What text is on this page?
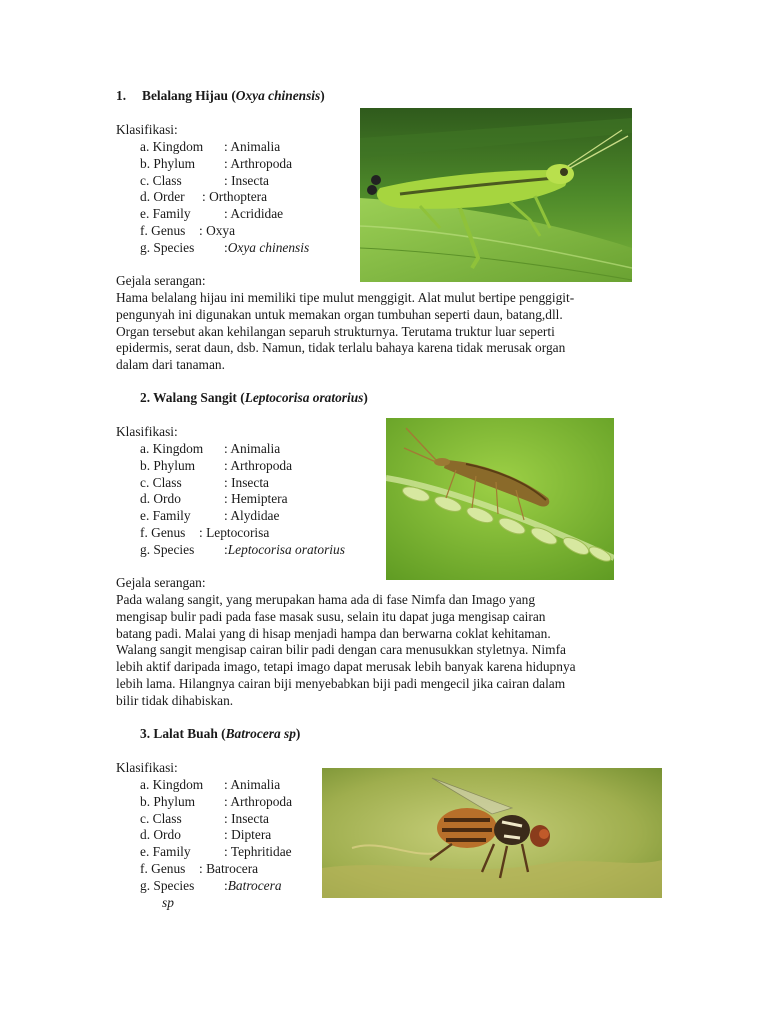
1. Belalang Hijau (Oxya chinensis)
Klasifikasi:
a. Kingdom	: Animalia
b. Phylum	: Arthropoda
c. Class	: Insecta
d. Order	: Orthoptera
e. Family	: Acrididae
f. Genus	: Oxya
g. Species	: Oxya chinensis
Gejala serangan:
Hama belalang hijau ini memiliki tipe mulut menggigit. Alat mulut bertipe penggigit-
pengunyah ini digunakan untuk memakan organ tumbuhan seperti daun, batang,dll.
Organ tersebut akan kehilangan separuh strukturnya. Terutama truktur luar seperti
epidermis, serat daun, dsb. Namun, tidak terlalu bahaya karena tidak merusak organ
dalam dari tanaman.
2. Walang Sangit (Leptocorisa oratorius)
Klasifikasi:
a. Kingdom	: Animalia
b. Phylum	: Arthropoda
c. Class	: Insecta
d. Ordo	: Hemiptera
e. Family	: Alydidae
f. Genus	: Leptocorisa
g. Species	: Leptocorisa oratorius
Gejala serangan:
Pada walang sangit, yang merupakan hama ada di fase Nimfa dan Imago yang
mengisap bulir padi pada fase masak susu, selain itu dapat juga mengisap cairan
batang padi. Malai yang di hisap menjadi hampa dan berwarna coklat kehitaman.
Walang sangit mengisap cairan bilir padi dengan cara menusukkan styletnya. Nimfa
lebih aktif daripada imago, tetapi imago dapat merusak lebih banyak karena hidupnya
lebih lama. Hilangnya cairan biji menyebabkan biji padi mengecil jika cairan dalam
bilir tidak dihabiskan.
3. Lalat Buah (Batrocera sp)
Klasifikasi:
a. Kingdom	: Animalia
b. Phylum	: Arthropoda
c. Class	: Insecta
d. Ordo	: Diptera
e. Family	: Tephritidae
f. Genus	: Batrocera
g. Species	: Batrocera
sp
